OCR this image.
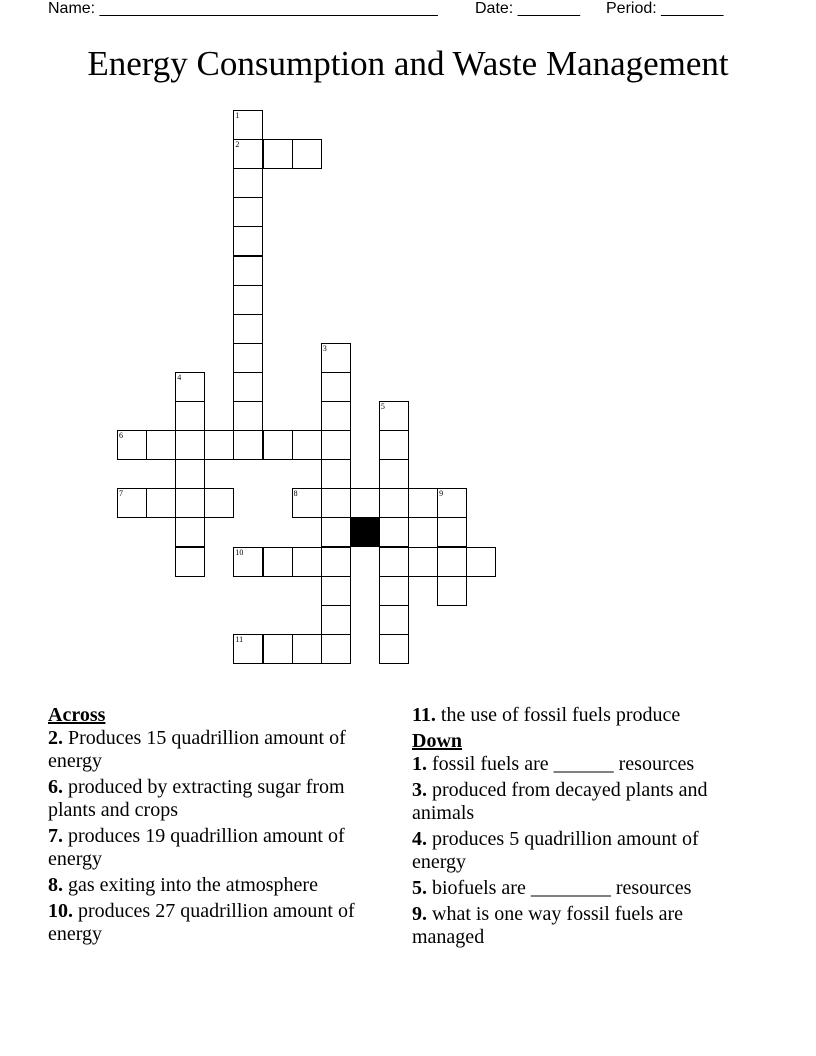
Name: ______________________________________ Date: _______ Period: _______
Energy Consumption and Waste Management
1
2
3
4
5
6
7	8	9
10
11
Across
2. Produces 15 quadrillion amount of energy
6. produced by extracting sugar from plants and crops
7. produces 19 quadrillion amount of energy
8. gas exiting into the atmosphere
10. produces 27 quadrillion amount of energy
11. the use of fossil fuels produce
Down
1. fossil fuels are ______ resources
3. produced from decayed plants and animals
4. produces 5 quadrillion amount of energy
5. biofuels are ________ resources
9. what is one way fossil fuels are managed
